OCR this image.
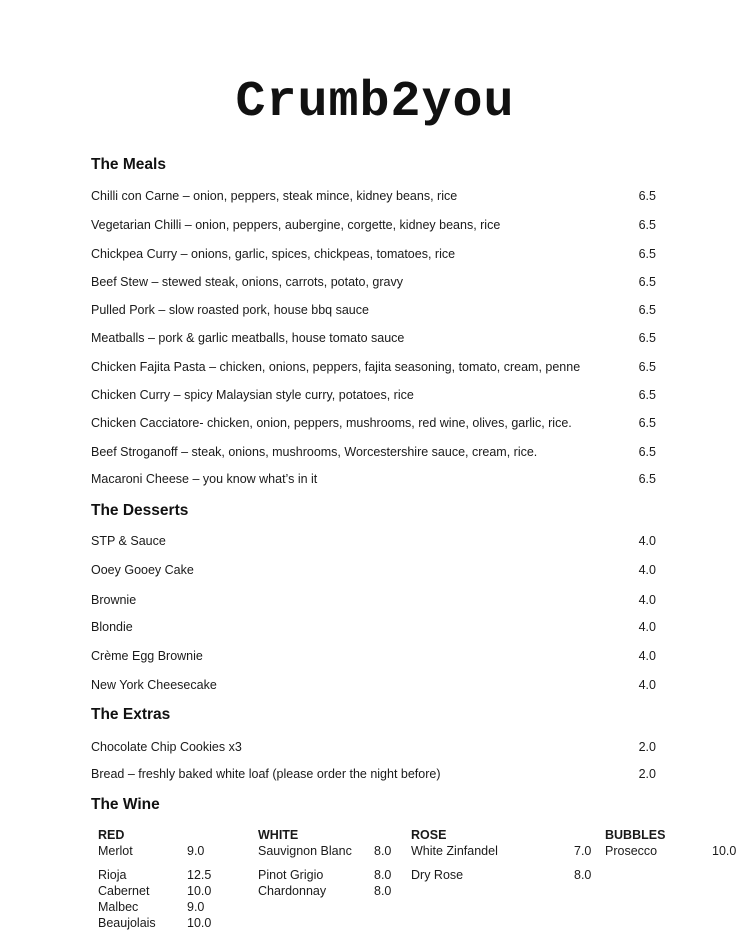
Crumb2you
The Meals
Chilli con Carne – onion, peppers, steak mince, kidney beans, rice	6.5
Vegetarian Chilli – onion, peppers, aubergine, corgette, kidney beans, rice	6.5
Chickpea Curry – onions, garlic, spices, chickpeas, tomatoes, rice	6.5
Beef Stew – stewed steak, onions, carrots, potato, gravy	6.5
Pulled Pork – slow roasted pork, house bbq sauce	6.5
Meatballs – pork & garlic meatballs, house tomato sauce	6.5
Chicken Fajita Pasta – chicken, onions, peppers, fajita seasoning, tomato, cream, penne	6.5
Chicken Curry – spicy Malaysian style curry, potatoes, rice	6.5
Chicken Cacciatore- chicken, onion, peppers, mushrooms, red wine, olives, garlic, rice.	6.5
Beef Stroganoff – steak, onions, mushrooms, Worcestershire sauce, cream, rice.	6.5
Macaroni Cheese – you know what’s in it	6.5
The Desserts
STP & Sauce	4.0
Ooey Gooey Cake	4.0
Brownie	4.0
Blondie	4.0
Crème Egg Brownie	4.0
New York Cheesecake	4.0
The Extras
Chocolate Chip Cookies x3	2.0
Bread – freshly baked white loaf (please order the night before)	2.0
The Wine
RED
Merlot	9.0
Rioja	12.5
Cabernet	10.0
Malbec	9.0
Beaujolais	10.0
WHITE
Sauvignon Blanc 8.0
Pinot Grigio	8.0
Chardonnay	8.0
ROSE
White Zinfandel	7.0
Dry Rose	8.0
BUBBLES
Prosecco	10.0
